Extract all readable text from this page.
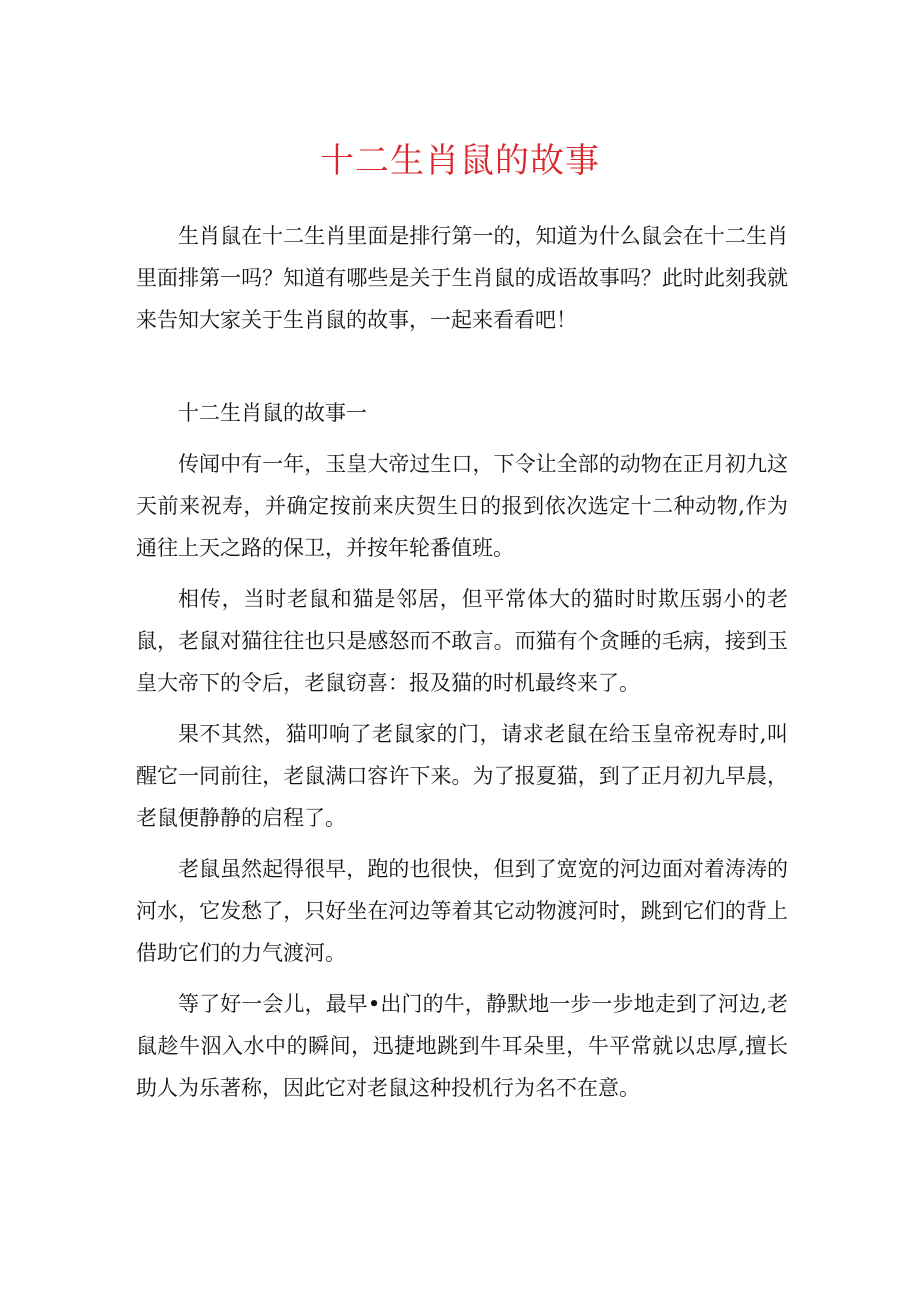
十二生肖鼠的故事

生肖鼠在十二生肖里面是排行第一的，知道为什么鼠会在十二生肖里面排第一吗？知道有哪些是关于生肖鼠的成语故事吗？此时此刻我就来告知大家关于生肖鼠的故事，一起来看看吧！

十二生肖鼠的故事一

传闻中有一年，玉皇大帝过生口，下令让全部的动物在正月初九这天前来祝寿，并确定按前来庆贺生日的报到依次选定十二种动物,作为通往上天之路的保卫，并按年轮番值班。

相传，当时老鼠和猫是邻居，但平常体大的猫时时欺压弱小的老鼠，老鼠对猫往往也只是感怒而不敢言。而猫有个贪睡的毛病，接到玉皇大帝下的令后，老鼠窃喜：报及猫的时机最终来了。

果不其然，猫叩响了老鼠家的门，请求老鼠在给玉皇帝祝寿时,叫醒它一同前往，老鼠满口容许下来。为了报夏猫，到了正月初九早晨，老鼠便静静的启程了。

老鼠虽然起得很早，跑的也很快，但到了宽宽的河边面对着涛涛的河水，它发愁了，只好坐在河边等着其它动物渡河时，跳到它们的背上借助它们的力气渡河。

等了好一会儿，最早•出门的牛，静默地一步一步地走到了河边,老鼠趁牛泅入水中的瞬间，迅捷地跳到牛耳朵里，牛平常就以忠厚,擅长助人为乐著称，因此它对老鼠这种投机行为名不在意。
